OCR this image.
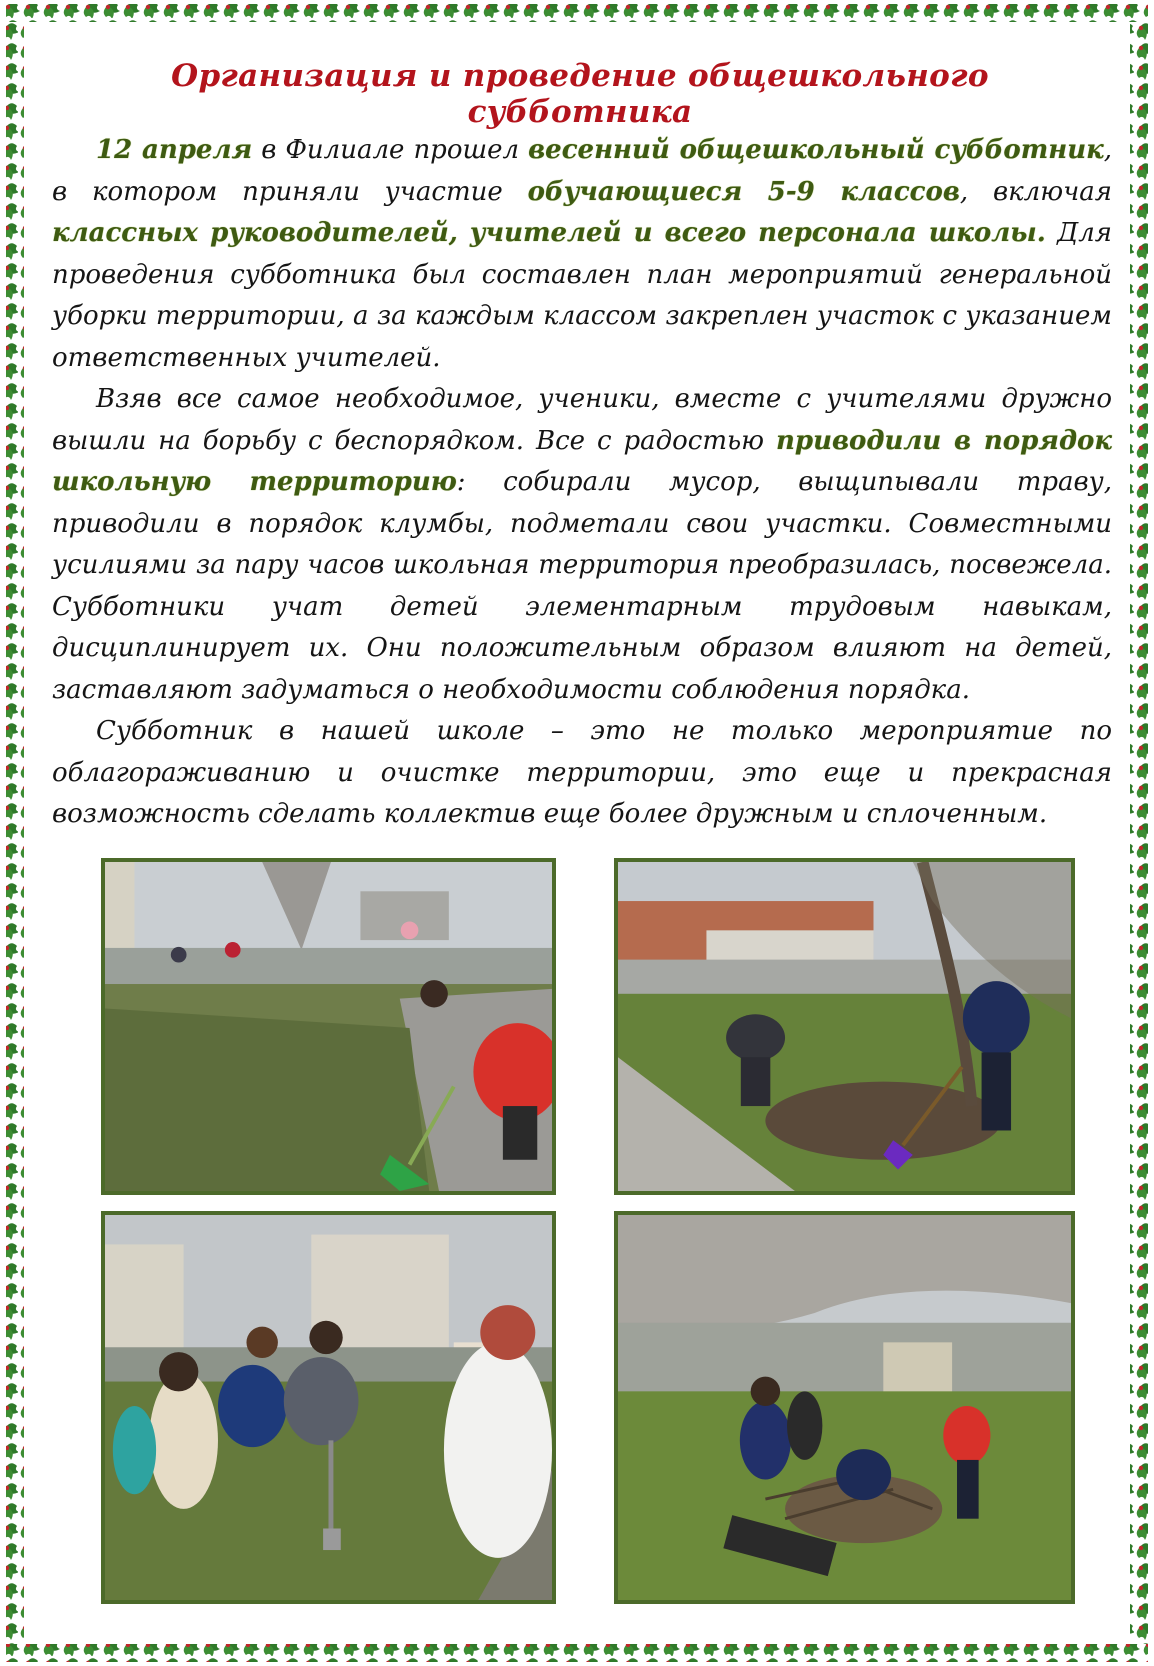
Организация и проведение общешкольного субботника

12 апреля в Филиале прошел весенний общешкольный субботник, в котором приняли участие обучающиеся 5-9 классов, включая классных руководителей, учителей и всего персонала школы. Для проведения субботника был составлен план мероприятий генеральной уборки территории, а за каждым классом закреплен участок с указанием ответственных учителей.

Взяв все самое необходимое, ученики, вместе с учителями дружно вышли на борьбу с беспорядком. Все с радостью приводили в порядок школьную территорию: собирали мусор, выщипывали траву, приводили в порядок клумбы, подметали свои участки. Совместными усилиями за пару часов школьная территория преобразилась, посвежела. Субботники учат детей элементарным трудовым навыкам, дисциплинирует их. Они положительным образом влияют на детей, заставляют задуматься о необходимости соблюдения порядка.

Субботник в нашей школе – это не только мероприятие по облагораживанию и очистке территории, это еще и прекрасная возможность сделать коллектив еще более дружным и сплоченным.
